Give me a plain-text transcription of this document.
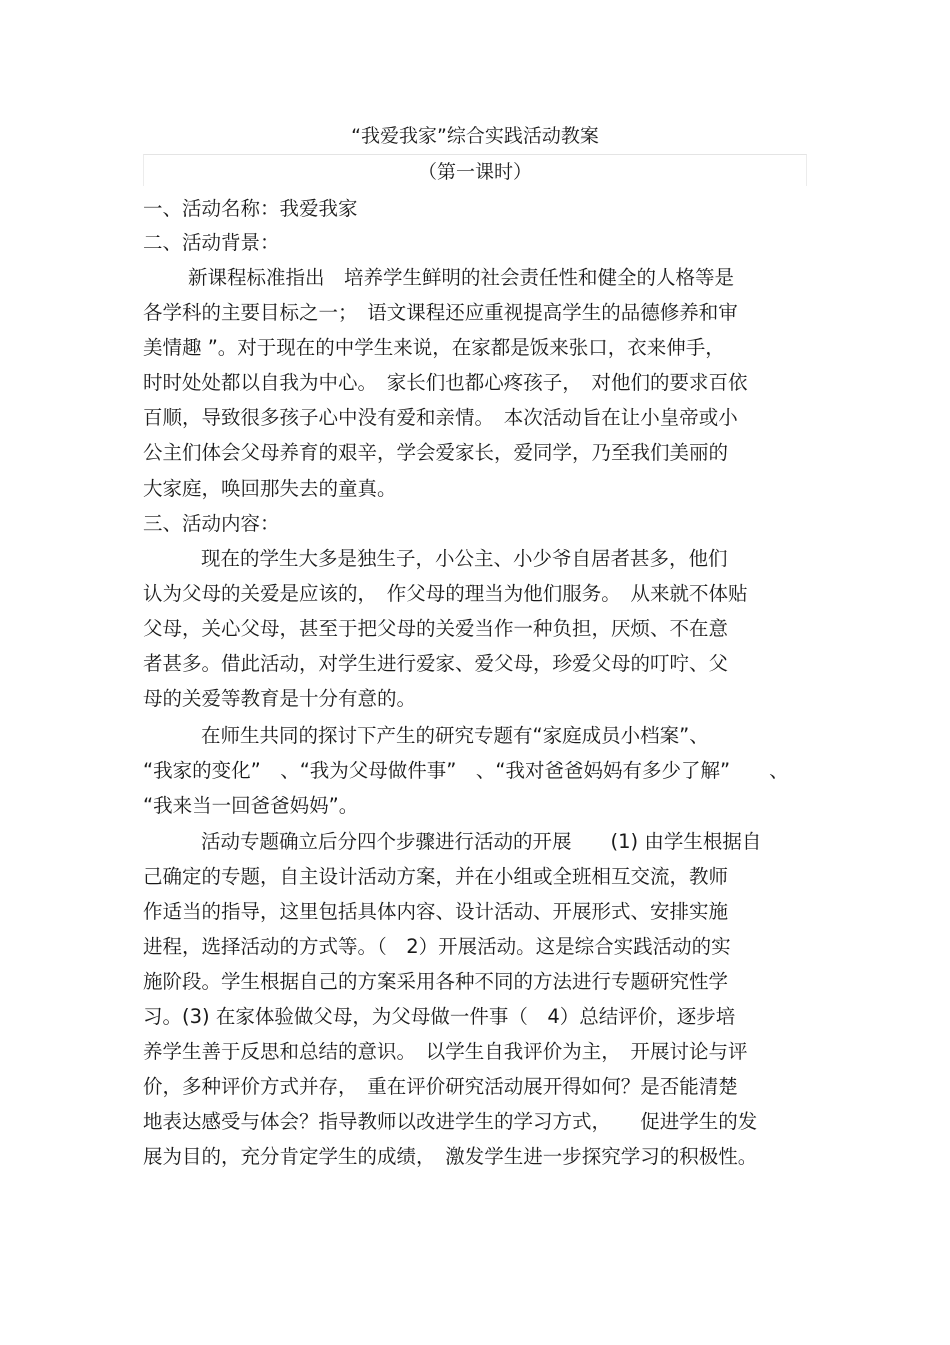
“我爱我家”综合实践活动教案
（第一课时）
一、活动名称：我爱我家
二、活动背景：
新课程标准指出　培养学生鲜明的社会责任性和健全的人格等是
各学科的主要目标之一；　语文课程还应重视提高学生的品德修养和审
美情趣 ”。对于现在的中学生来说，在家都是饭来张口，衣来伸手，
时时处处都以自我为中心。　家长们也都心疼孩子，　对他们的要求百依
百顺，导致很多孩子心中没有爱和亲情。　本次活动旨在让小皇帝或小
公主们体会父母养育的艰辛，学会爱家长，爱同学，乃至我们美丽的
大家庭，唤回那失去的童真。
三、活动内容：
现在的学生大多是独生子，小公主、小少爷自居者甚多，他们
认为父母的关爱是应该的，　作父母的理当为他们服务。　从来就不体贴
父母，关心父母，甚至于把父母的关爱当作一种负担，厌烦、不在意
者甚多。借此活动，对学生进行爱家、爱父母，珍爱父母的叮咛、父
母的关爱等教育是十分有意的。
在师生共同的探讨下产生的研究专题有“家庭成员小档案”、
“我家的变化”　、“我为父母做件事”　、“我对爸爸妈妈有多少了解”　　、
“我来当一回爸爸妈妈”。
活动专题确立后分四个步骤进行活动的开展　　(1) 由学生根据自
己确定的专题，自主设计活动方案，并在小组或全班相互交流，教师
作适当的指导，这里包括具体内容、设计活动、开展形式、安排实施
进程，选择活动的方式等。（　2）开展活动。这是综合实践活动的实
施阶段。学生根据自己的方案采用各种不同的方法进行专题研究性学
习。(3) 在家体验做父母，为父母做一件事（　4）总结评价，逐步培
养学生善于反思和总结的意识。　以学生自我评价为主，　开展讨论与评
价，多种评价方式并存，　重在评价研究活动展开得如何？是否能清楚
地表达感受与体会？指导教师以改进学生的学习方式，　　促进学生的发
展为目的，充分肯定学生的成绩，　激发学生进一步探究学习的积极性。
